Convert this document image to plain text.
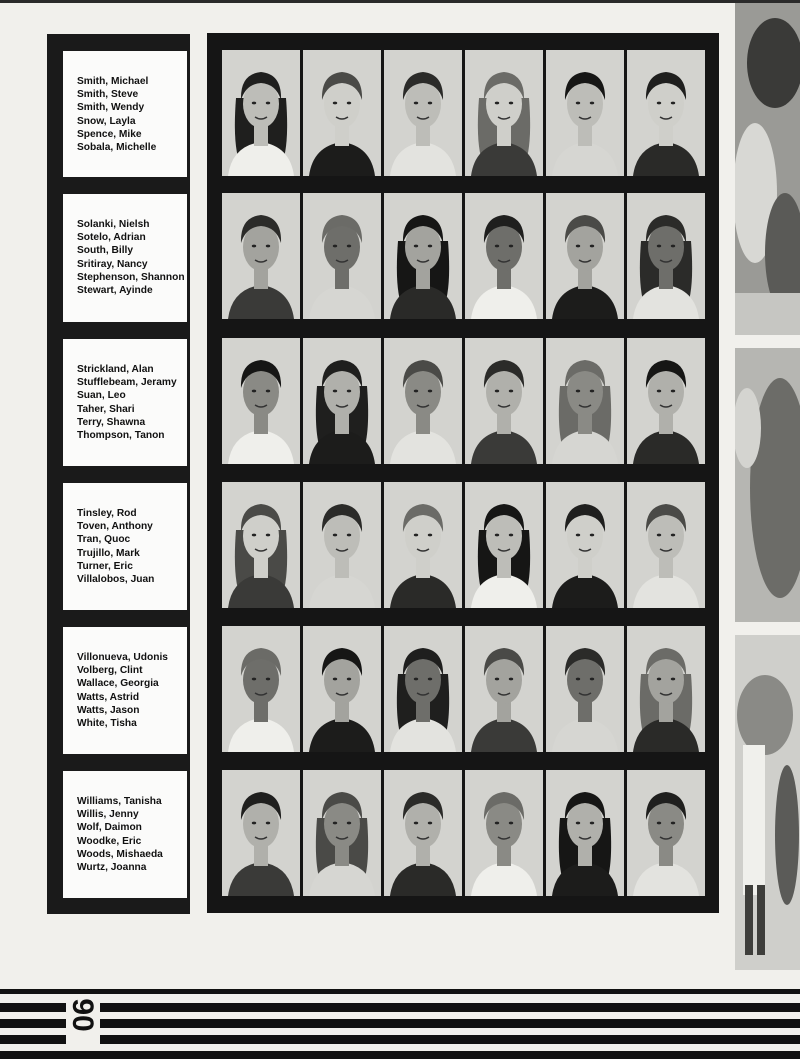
Smith, Michael
Smith, Steve
Smith, Wendy
Snow, Layla
Spence, Mike
Sobala, Michelle
Solanki, Nielsh
Sotelo, Adrian
South, Billy
Sritiray, Nancy
Stephenson, Shannon
Stewart, Ayinde
Strickland, Alan
Stufflebeam, Jeramy
Suan, Leo
Taher, Shari
Terry, Shawna
Thompson, Tanon
Tinsley, Rod
Toven, Anthony
Tran, Quoc
Trujillo, Mark
Turner, Eric
Villalobos, Juan
Villonueva, Udonis
Volberg, Clint
Wallace, Georgia
Watts, Astrid
Watts, Jason
White, Tisha
Williams, Tanisha
Willis, Jenny
Wolf, Daimon
Woodke, Eric
Woods, Mishaeda
Wurtz, Joanna
90
